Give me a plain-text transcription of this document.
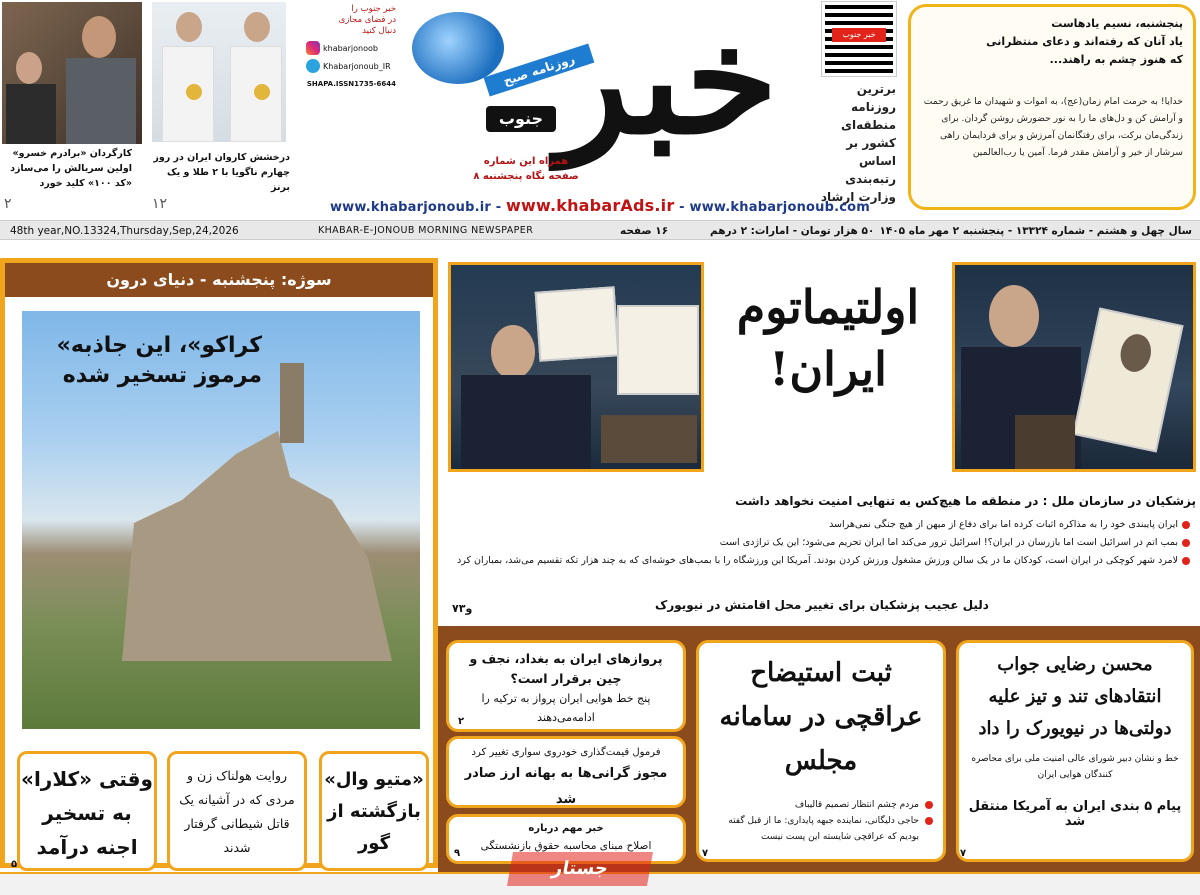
پنجشنبه، نسیم یادهاست
یاد آنان که رفته‌اند و دعای منتظرانی
که هنوز چشم به راهند...
خدایا! به حرمت امام زمان(عج)، به اموات و شهیدان ما غریق رحمت و آرامش کن و دل‌های ما را به نور حضورش روشن گردان. برای زندگی‌مان برکت، برای رفتگانمان آمرزش و برای فردایمان راهی سرشار از خیر و آرامش مقدر فرما. آمین یا رب‌العالمین
خبر جنوب
برترین روزنامه منطقه‌ای کشور بر اساس رتبه‌بندی وزارت ارشاد
روزنامه صبح
خبر
جنوب
همراه این شماره
۸ صفحه نگاه پنجشنبه
خبر جنوب را
در فضای مجازی
دنبال کنید
khabarjonoob
Khabarjonoub_IR
SHAPA.ISSN1735-6644
کارگردان «برادرم خسرو» اولین سریالش را می‌سازد «کد ۱۰۰» کلید خورد
۲
درخشش کاروان ایران در روز چهارم ناگویا با ۲ طلا و یک برنز
۱۲	www.khabarjonoub.ir - www.khabarAds.ir - www.khabarjonoub.com
48th year,NO.13324,Thursday,Sep,24,2026	KHABAR-E-JONOUB MORNING NEWSPAPER	۱۶ صفحه	۵۰ هزار تومان - امارات: ۲ درهم سال چهل و هشتم - شماره ۱۳۳۲۴ - پنجشنبه ۲ مهر ماه ۱۴۰۵
سوژه: پنجشنبه - دنیای درون
«کراکو»، این جاذبه مرموز تسخیر شده
وقتی «کلارا» به تسخیر اجنه درآمد
۵
روایت هولناک زن و مردی که در آشیانه یک قاتل شیطانی گرفتار شدند
«متیو وال» بازگشته از گور
اولتیماتوم ایران!
پزشکیان در سازمان ملل : در منطقه ما هیچ‌کس به تنهایی امنیت نخواهد داشت
ایران پایبندی خود را به مذاکره اثبات کرده اما برای دفاع از میهن از هیچ جنگی نمی‌هراسد
بمب اتم در اسرائیل است اما بازرسان در ایران؟! اسرائیل ترور می‌کند اما ایران تحریم می‌شود؛ این یک تراژدی است
لامرد شهر کوچکی در ایران است، کودکان ما در یک سالن ورزش مشغول ورزش کردن بودند. آمریکا این ورزشگاه را با بمب‌های خوشه‌ای که به چند هزار تکه تقسیم می‌شد، بمباران کرد
دلیل عجیب پزشکیان برای تغییر محل اقامتش در نیویورک
۷و۳
محسن رضایی جواب انتقادهای تند و تیز علیه دولتی‌ها در نیویورک را داد
خط و نشان دبیر شورای عالی امنیت ملی برای محاصره کنندگان هوایی ایران
پیام ۵ بندی ایران به آمریکا منتقل شد
۷
ثبت استیضاح عراقچی در سامانه مجلس
مردم چشم انتظار تصمیم قالیباف
حاجی دلیگانی، نماینده جبهه پایداری: ما از قبل گفته بودیم که عراقچی شایسته این پست نیست
۷
پروازهای ایران به بغداد، نجف و چین برقرار است؟
پنج خط هوایی ایران پرواز به ترکیه را ادامه‌می‌دهند
۲
فرمول قیمت‌گذاری خودروی سواری تغییر کرد
مجوز گرانی‌ها به بهانه ارز صادر شد
خبر مهم درباره
اصلاح مبنای محاسبه حقوق بازنشستگی
۹
جستار
